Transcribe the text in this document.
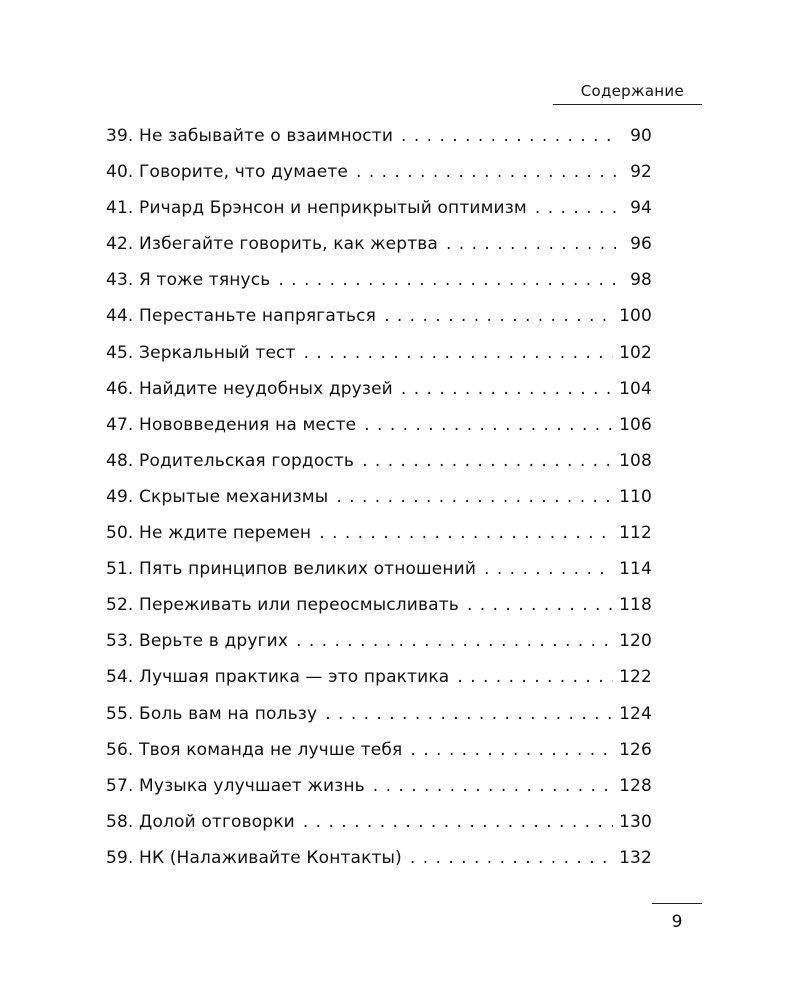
Содержание
39. Не забывайте о взаимности . . .	90
40. Говорите, что думаете . . .	92
41. Ричард Брэнсон и неприкрытый оптимизм . . .	94
42. Избегайте говорить, как жертва . . .	96
43. Я тоже тянусь . . .	98
44. Перестаньте напрягаться . . .	100
45. Зеркальный тест . . .	102
46. Найдите неудобных друзей . . .	104
47. Нововведения на месте . . .	106
48. Родительская гордость . . .	108
49. Скрытые механизмы . . .	110
50. Не ждите перемен . . .	112
51. Пять принципов великих отношений . . .	114
52. Переживать или переосмысливать . . .	118
53. Верьте в других . . .	120
54. Лучшая практика — это практика . . .	122
55. Боль вам на пользу . . .	124
56. Твоя команда не лучше тебя . . .	126
57. Музыка улучшает жизнь . . .	128
58. Долой отговорки . . .	130
59. НК (Налаживайте Контакты) . . .	132
9
